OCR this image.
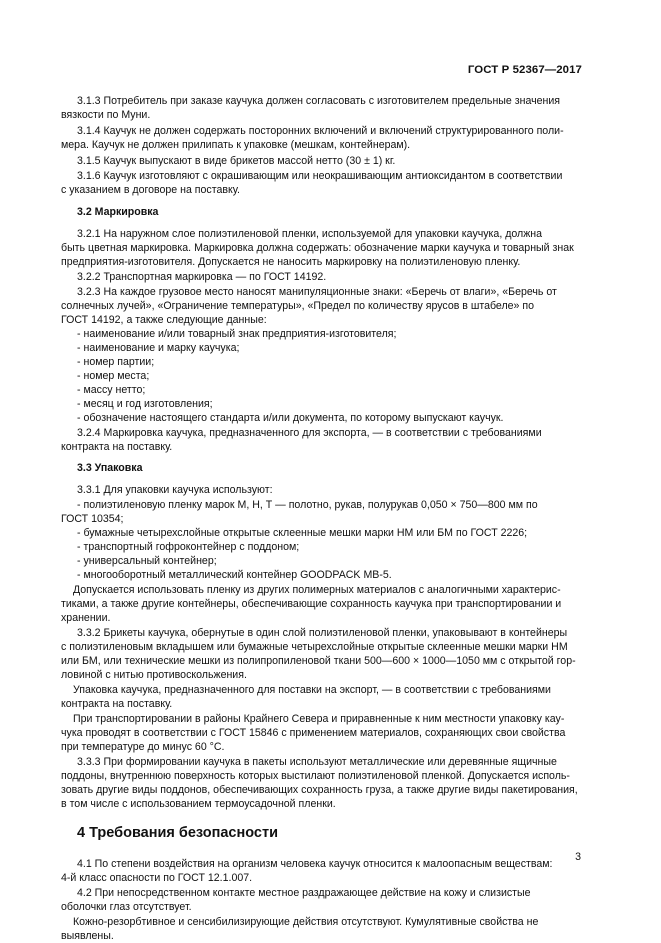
ГОСТ Р 52367—2017
3.1.3 Потребитель при заказе каучука должен согласовать с изготовителем предельные значения
вязкости по Муни.
3.1.4 Каучук не должен содержать посторонних включений и включений структурированного поли-
мера. Каучук не должен прилипать к упаковке (мешкам, контейнерам).
3.1.5 Каучук выпускают в виде брикетов массой нетто (30 ± 1) кг.
3.1.6 Каучук изготовляют с окрашивающим или неокрашивающим антиоксидантом в соответствии
с указанием в договоре на поставку.
3.2 Маркировка
3.2.1 На наружном слое полиэтиленовой пленки, используемой для упаковки каучука, должна
быть цветная маркировка. Маркировка должна содержать: обозначение марки каучука и товарный знак
предприятия-изготовителя. Допускается не наносить маркировку на полиэтиленовую пленку.
3.2.2 Транспортная маркировка — по ГОСТ 14192.
3.2.3 На каждое грузовое место наносят манипуляционные знаки: «Беречь от влаги», «Беречь от
солнечных лучей», «Ограничение температуры», «Предел по количеству ярусов в штабеле» по
ГОСТ 14192, а также следующие данные:
- наименование и/или товарный знак предприятия-изготовителя;
- наименование и марку каучука;
- номер партии;
- номер места;
- массу нетто;
- месяц и год изготовления;
- обозначение настоящего стандарта и/или документа, по которому выпускают каучук.
3.2.4 Маркировка каучука, предназначенного для экспорта, — в соответствии с требованиями
контракта на поставку.
3.3 Упаковка
3.3.1 Для упаковки каучука используют:
- полиэтиленовую пленку марок М, Н, Т — полотно, рукав, полурукав 0,050 × 750—800 мм по
ГОСТ 10354;
- бумажные четырехслойные открытые склеенные мешки марки НМ или БМ по ГОСТ 2226;
- транспортный гофроконтейнер с поддоном;
- универсальный контейнер;
- многооборотный металлический контейнер GOODPACK MB-5.
Допускается использовать пленку из других полимерных материалов с аналогичными характерис-
тиками, а также другие контейнеры, обеспечивающие сохранность каучука при транспортировании и
хранении.
3.3.2 Брикеты каучука, обернутые в один слой полиэтиленовой пленки, упаковывают в контейнеры
с полиэтиленовым вкладышем или бумажные четырехслойные открытые склеенные мешки марки НМ
или БМ, или технические мешки из полипропиленовой ткани 500—600 × 1000—1050 мм с открытой гор-
ловиной с нитью противоскольжения.
Упаковка каучука, предназначенного для поставки на экспорт, — в соответствии с требованиями
контракта на поставку.
При транспортировании в районы Крайнего Севера и приравненные к ним местности упаковку кау-
чука проводят в соответствии с ГОСТ 15846 с применением материалов, сохраняющих свои свойства
при температуре до минус 60 °С.
3.3.3 При формировании каучука в пакеты используют металлические или деревянные ящичные
поддоны, внутреннюю поверхность которых выстилают полиэтиленовой пленкой. Допускается исполь-
зовать другие виды поддонов, обеспечивающих сохранность груза, а также другие виды пакетирования,
в том числе с использованием термоусадочной пленки.
4 Требования безопасности
4.1 По степени воздействия на организм человека каучук относится к малоопасным веществам:
4-й класс опасности по ГОСТ 12.1.007.
4.2 При непосредственном контакте местное раздражающее действие на кожу и слизистые
оболочки глаз отсутствует.
Кожно-резорбтивное и сенсибилизирующие действия отсутствуют. Кумулятивные свойства не
выявлены.
3
